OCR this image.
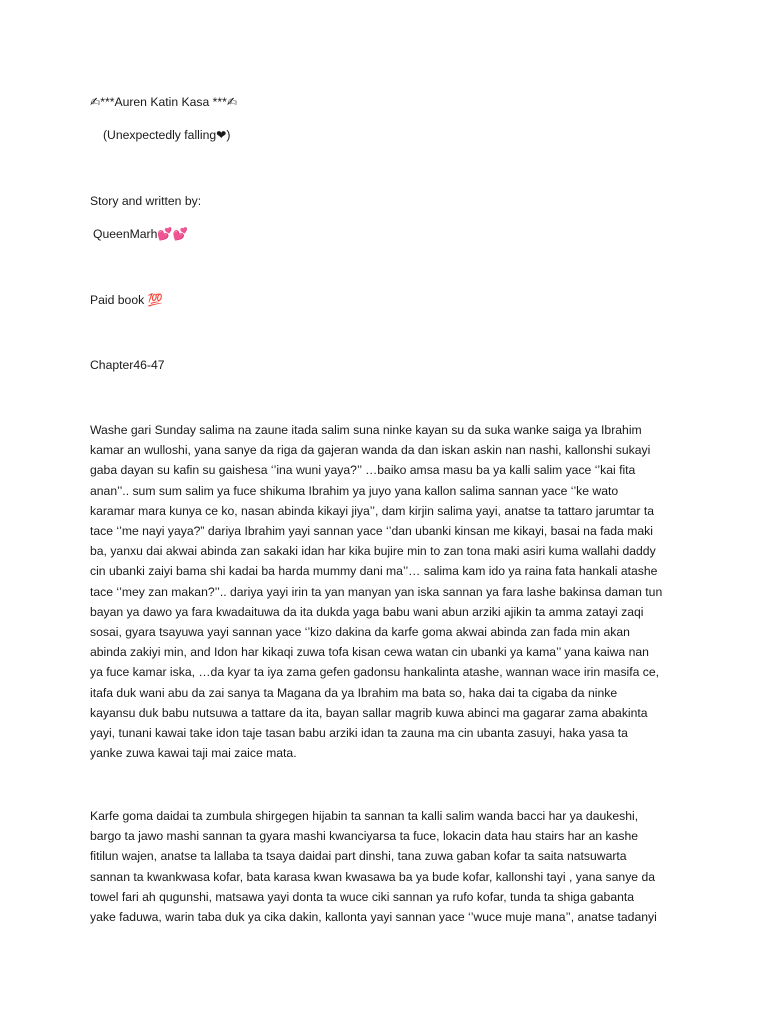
✍***Auren Katin Kasa ***✍

(Unexpectedly falling❤)

Story and written by:

QueenMarh💕💕

Paid book 💯

Chapter46-47

Washe gari Sunday salima na zaune itada salim suna ninke kayan su da suka wanke saiga ya Ibrahim
kamar an wulloshi, yana sanye da riga da gajeran wanda da dan iskan askin nan nashi, kallonshi sukayi
gaba dayan su kafin su gaishesa ‘’ina wuni yaya?’’ …baiko amsa masu ba ya kalli salim yace ‘’kai fita
anan’’.. sum sum salim ya fuce shikuma Ibrahim ya juyo yana kallon salima sannan yace ‘’ke wato
karamar mara kunya ce ko, nasan abinda kikayi jiya’’, dam kirjin salima yayi, anatse ta tattaro jarumtar ta
tace ‘’me nayi yaya?” dariya Ibrahim yayi sannan yace ‘’dan ubanki kinsan me kikayi, basai na fada maki
ba, yanxu dai akwai abinda zan sakaki idan har kika bujire min to zan tona maki asiri kuma wallahi daddy
cin ubanki zaiyi bama shi kadai ba harda mummy dani ma’’… salima kam ido ya raina fata hankali atashe
tace ‘’mey zan makan?’’.. dariya yayi irin ta yan manyan yan iska sannan ya fara lashe bakinsa daman tun
bayan ya dawo ya fara kwadaituwa da ita dukda yaga babu wani abun arziki ajikin ta amma zatayi zaqi
sosai, gyara tsayuwa yayi sannan yace ‘’kizo dakina da karfe goma akwai abinda zan fada min akan
abinda zakiyi min, and Idon har kikaqi zuwa tofa kisan cewa watan cin ubanki ya kama’’ yana kaiwa nan
ya fuce kamar iska, …da kyar ta iya zama gefen gadonsu hankalinta atashe, wannan wace irin masifa ce,
itafa duk wani abu da zai sanya ta Magana da ya Ibrahim ma bata so, haka dai ta cigaba da ninke
kayansu duk babu nutsuwa a tattare da ita, bayan sallar magrib kuwa abinci ma gagarar zama abakinta
yayi, tunani kawai take idon taje tasan babu arziki idan ta zauna ma cin ubanta zasuyi, haka yasa ta
yanke zuwa kawai taji mai zaice mata.
Karfe goma daidai ta zumbula shirgegen hijabin ta sannan ta kalli salim wanda bacci har ya daukeshi,
bargo ta jawo mashi sannan ta gyara mashi kwanciyarsa ta fuce, lokacin data hau stairs har an kashe
fitilun wajen, anatse ta lallaba ta tsaya daidai part dinshi, tana zuwa gaban kofar ta saita natsuwarta
sannan ta kwankwasa kofar, bata karasa kwan kwasawa ba ya bude kofar, kallonshi tayi , yana sanye da
towel fari ah qugunshi, matsawa yayi donta ta wuce ciki sannan ya rufo kofar, tunda ta shiga gabanta
yake faduwa, warin taba duk ya cika dakin, kallonta yayi sannan yace ‘’wuce muje mana’’, anatse tadanyi
